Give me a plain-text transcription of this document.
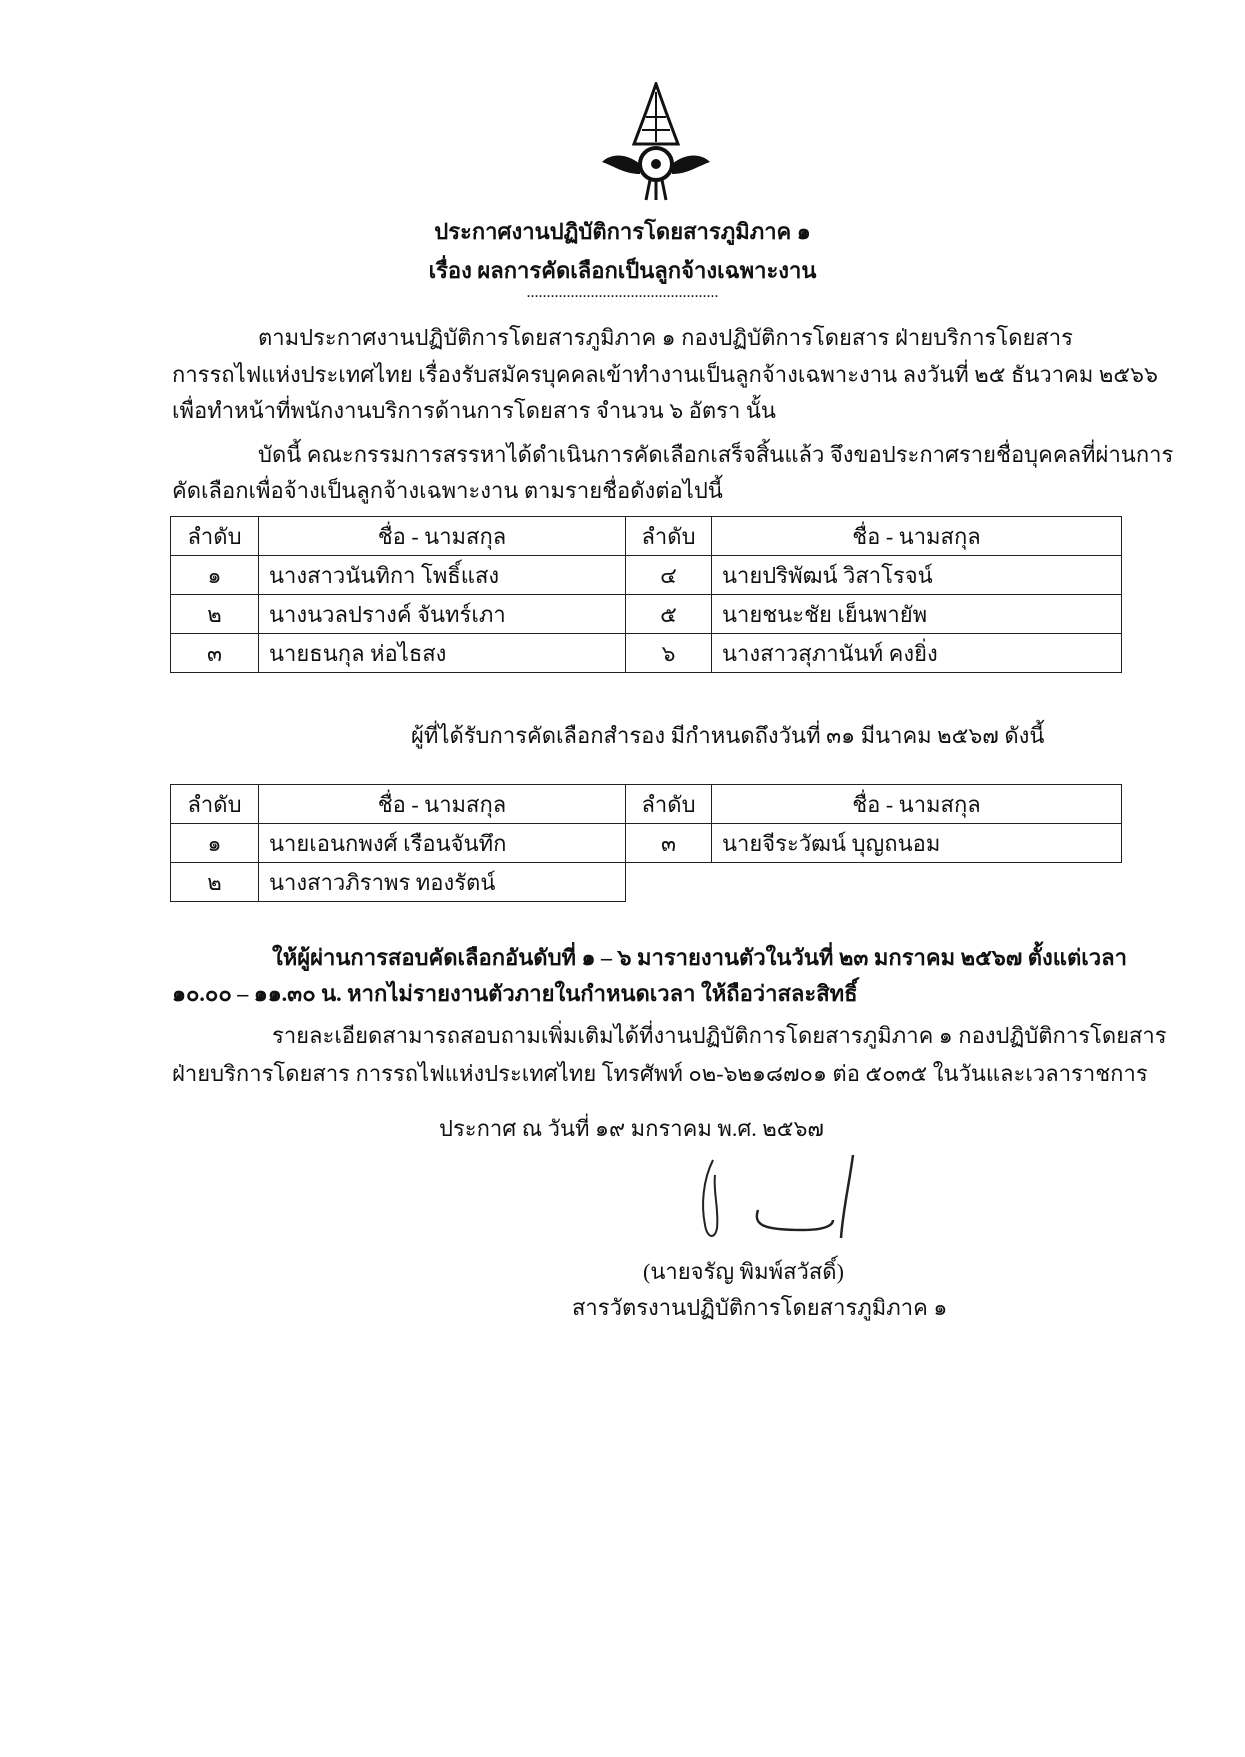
ประกาศงานปฏิบัติการโดยสารภูมิภาค ๑
เรื่อง ผลการคัดเลือกเป็นลูกจ้างเฉพาะงาน
................................................
ตามประกาศงานปฏิบัติการโดยสารภูมิภาค ๑ กองปฏิบัติการโดยสาร ฝ่ายบริการโดยสาร
การรถไฟแห่งประเทศไทย เรื่องรับสมัครบุคคลเข้าทำงานเป็นลูกจ้างเฉพาะงาน ลงวันที่ ๒๕ ธันวาคม ๒๕๖๖
เพื่อทำหน้าที่พนักงานบริการด้านการโดยสาร จำนวน ๖ อัตรา นั้น
บัดนี้ คณะกรรมการสรรหาได้ดำเนินการคัดเลือกเสร็จสิ้นแล้ว จึงขอประกาศรายชื่อบุคคลที่ผ่านการ
คัดเลือกเพื่อจ้างเป็นลูกจ้างเฉพาะงาน ตามรายชื่อดังต่อไปนี้
ลำดับ	ชื่อ - นามสกุล	ลำดับ	ชื่อ - นามสกุล
๑	นางสาวนันทิกา โพธิ์แสง	๔	นายปริพัฒน์ วิสาโรจน์
๒	นางนวลปรางค์ จันทร์เภา	๕	นายชนะชัย เย็นพายัพ
๓	นายธนกุล ห่อไธสง	๖	นางสาวสุภานันท์ คงยิ่ง
ผู้ที่ได้รับการคัดเลือกสำรอง มีกำหนดถึงวันที่ ๓๑ มีนาคม ๒๕๖๗ ดังนี้
ลำดับ	ชื่อ - นามสกุล	ลำดับ	ชื่อ - นามสกุล
๑	นายเอนกพงศ์ เรือนจันทึก	๓	นายจีระวัฒน์ บุญถนอม
๒	นางสาวภิราพร ทองรัตน์		
ให้ผู้ผ่านการสอบคัดเลือกอันดับที่ ๑ – ๖ มารายงานตัวในวันที่ ๒๓ มกราคม ๒๕๖๗ ตั้งแต่เวลา
๑๐.๐๐ – ๑๑.๓๐ น. หากไม่รายงานตัวภายในกำหนดเวลา ให้ถือว่าสละสิทธิ์
รายละเอียดสามารถสอบถามเพิ่มเติมได้ที่งานปฏิบัติการโดยสารภูมิภาค ๑ กองปฏิบัติการโดยสาร
ฝ่ายบริการโดยสาร การรถไฟแห่งประเทศไทย โทรศัพท์ ๐๒-๖๒๑๘๗๐๑ ต่อ ๕๐๓๕ ในวันและเวลาราชการ
ประกาศ ณ วันที่ ๑๙ มกราคม พ.ศ. ๒๕๖๗
(นายจรัญ พิมพ์สวัสดิ์)
สารวัตรงานปฏิบัติการโดยสารภูมิภาค ๑
